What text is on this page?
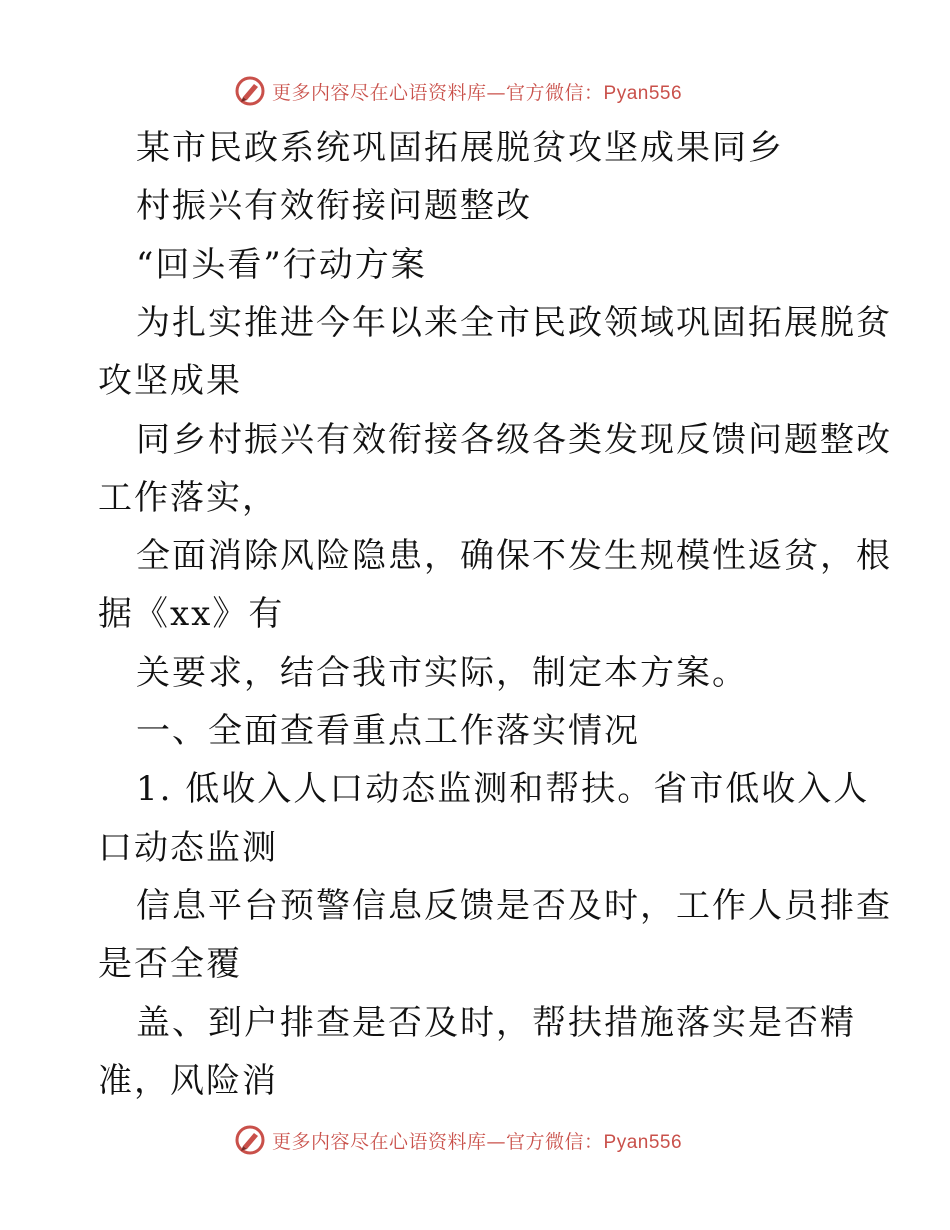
更多内容尽在心语资料库—官方微信：Pyan556
某市民政系统巩固拓展脱贫攻坚成果同乡
村振兴有效衔接问题整改
“回头看”行动方案
为扎实推进今年以来全市民政领域巩固拓展脱贫
攻坚成果
同乡村振兴有效衔接各级各类发现反馈问题整改
工作落实，
全面消除风险隐患，确保不发生规模性返贫，根
据《xx》有
关要求，结合我市实际，制定本方案。
一、全面查看重点工作落实情况
1. 低收入人口动态监测和帮扶。省市低收入人
口动态监测
信息平台预警信息反馈是否及时，工作人员排查
是否全覆
盖、到户排查是否及时，帮扶措施落实是否精
准，风险消
更多内容尽在心语资料库—官方微信：Pyan556
